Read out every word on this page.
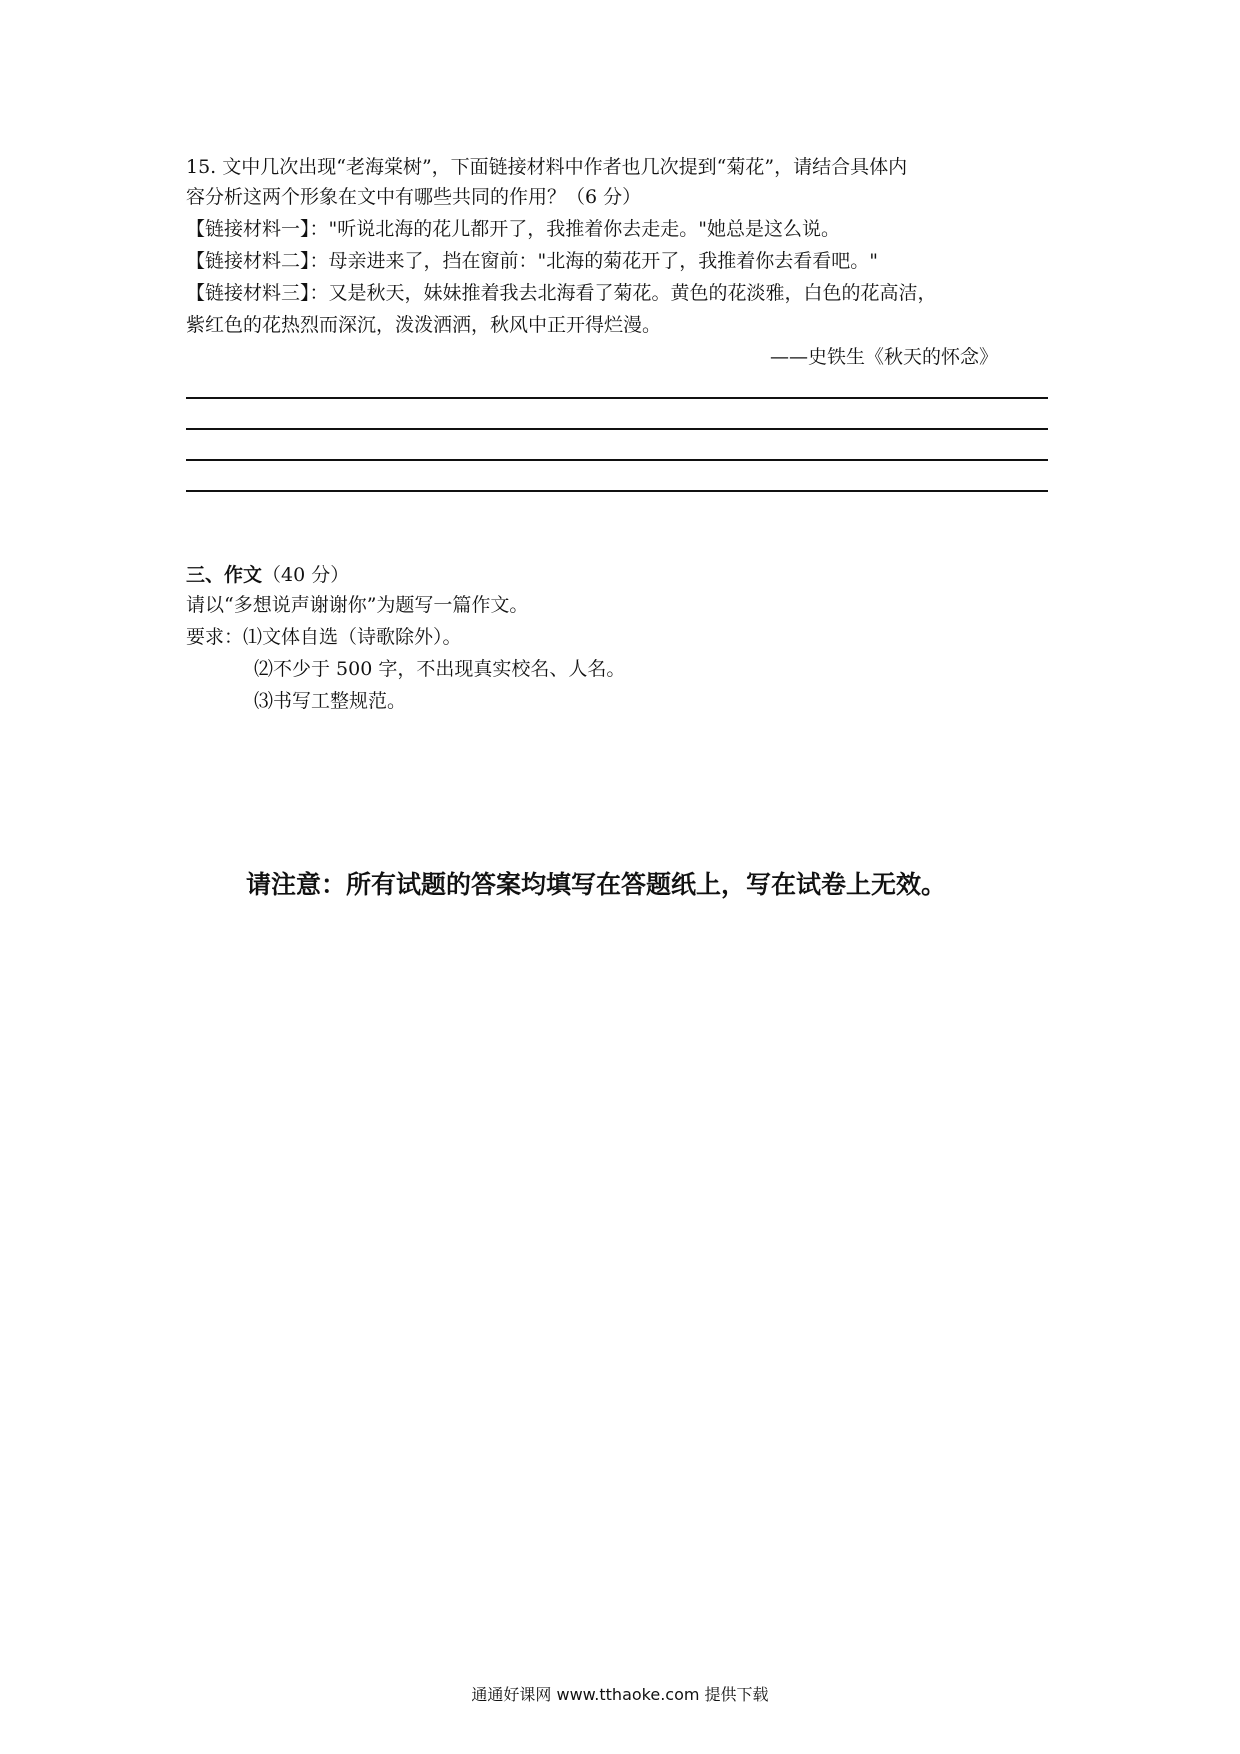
15. 文中几次出现“老海棠树”，下面链接材料中作者也几次提到“菊花”，请结合具体内
容分析这两个形象在文中有哪些共同的作用？（6 分）
【链接材料一】："听说北海的花儿都开了，我推着你去走走。"她总是这么说。
【链接材料二】：母亲进来了，挡在窗前："北海的菊花开了，我推着你去看看吧。"
【链接材料三】：又是秋天，妹妹推着我去北海看了菊花。黄色的花淡雅，白色的花高洁，
紫红色的花热烈而深沉，泼泼洒洒，秋风中正开得烂漫。
——史铁生《秋天的怀念》
三、作文（40 分）
请以“多想说声谢谢你”为题写一篇作文。
要求：⑴文体自选（诗歌除外）。
⑵不少于 500 字，不出现真实校名、人名。
⑶书写工整规范。
请注意：所有试题的答案均填写在答题纸上，写在试卷上无效。
通通好课网 www.tthaoke.com 提供下载
